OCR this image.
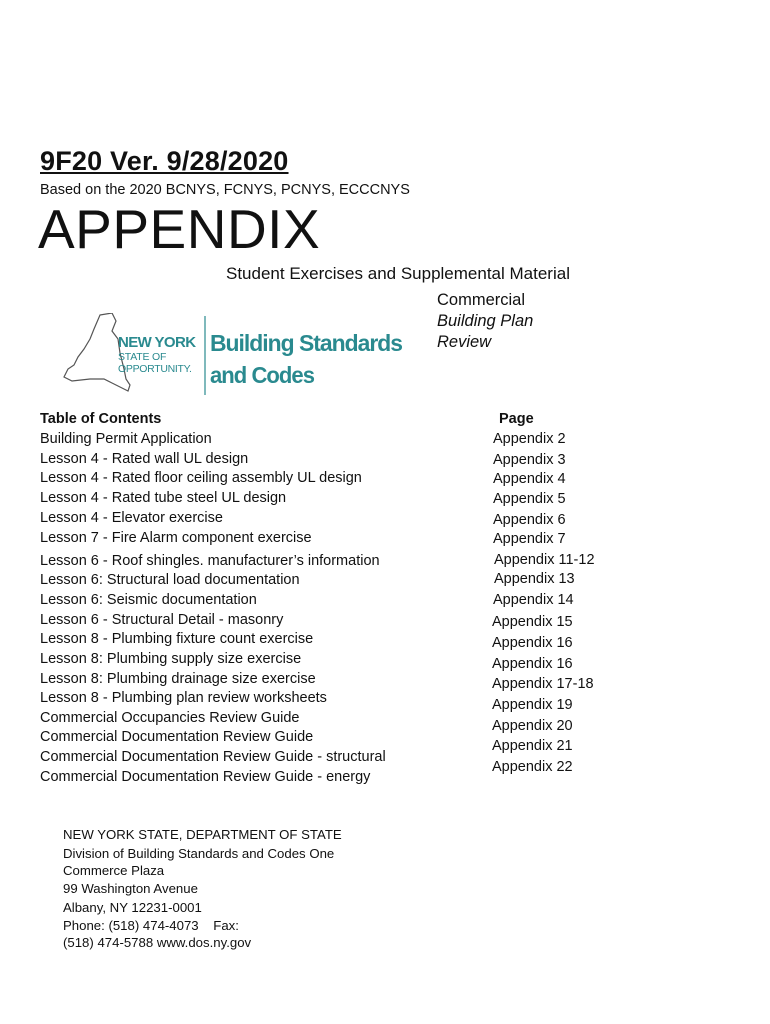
9F20 Ver. 9/28/2020
Based on the 2020 BCNYS, FCNYS, PCNYS, ECCCNYS
APPENDIX
Student Exercises and Supplemental Material
Commercial
Building Plan
Review
NEW YORK
STATE OF
OPPORTUNITY.
Building Standards
and Codes
Table of Contents	Page
Building Permit Application
Lesson 4 - Rated wall UL design
Lesson 4 - Rated floor ceiling assembly UL design
Lesson 4 - Rated tube steel UL design
Lesson 4 - Elevator exercise
Lesson 7 - Fire Alarm component exercise
Lesson 6 - Roof shingles. manufacturer’s information
Lesson 6: Structural load documentation
Lesson 6: Seismic documentation
Lesson 6 - Structural Detail - masonry
Lesson 8 - Plumbing fixture count exercise
Lesson 8: Plumbing supply size exercise
Lesson 8: Plumbing drainage size exercise
Lesson 8 - Plumbing plan review worksheets
Commercial Occupancies Review Guide
Commercial Documentation Review Guide
Commercial Documentation Review Guide - structural
Commercial Documentation Review Guide - energy
Appendix 2
Appendix 3
Appendix 4
Appendix 5
Appendix 6
Appendix 7
Appendix 11-12
Appendix 13
Appendix 14
Appendix 15
Appendix 16
Appendix 16
Appendix 17-18
Appendix 19
Appendix 20
Appendix 21
Appendix 22
NEW YORK STATE, DEPARTMENT OF STATE
Division of Building Standards and Codes One
Commerce Plaza
99 Washington Avenue
Albany, NY 12231-0001
Phone: (518) 474-4073    Fax:
(518) 474-5788 www.dos.ny.gov
